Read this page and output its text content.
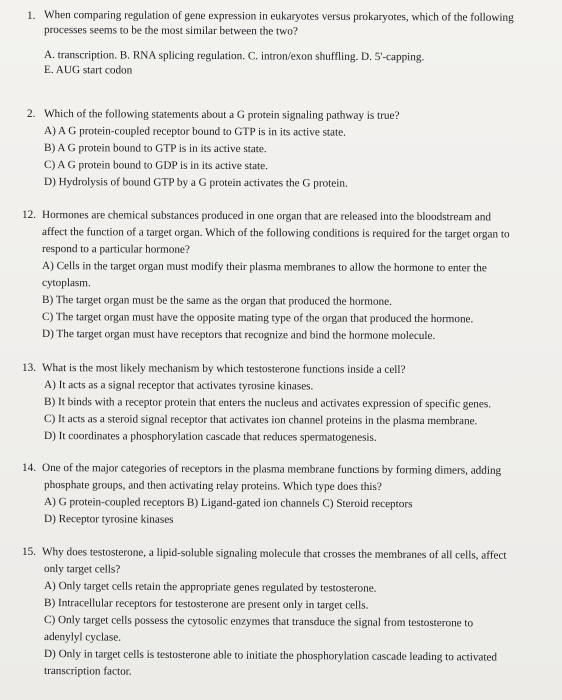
1. When comparing regulation of gene expression in eukaryotes versus prokaryotes, which of the following
processes seems to be the most similar between the two?
A. transcription. B. RNA splicing regulation. C. intron/exon shuffling. D. 5'-capping.
E. AUG start codon
2. Which of the following statements about a G protein signaling pathway is true?
A) A G protein-coupled receptor bound to GTP is in its active state.
B) A G protein bound to GTP is in its active state.
C) A G protein bound to GDP is in its active state.
D) Hydrolysis of bound GTP by a G protein activates the G protein.
12. Hormones are chemical substances produced in one organ that are released into the bloodstream and
affect the function of a target organ. Which of the following conditions is required for the target organ to
respond to a particular hormone?
A) Cells in the target organ must modify their plasma membranes to allow the hormone to enter the
cytoplasm.
B) The target organ must be the same as the organ that produced the hormone.
C) The target organ must have the opposite mating type of the organ that produced the hormone.
D) The target organ must have receptors that recognize and bind the hormone molecule.
13. What is the most likely mechanism by which testosterone functions inside a cell?
A) It acts as a signal receptor that activates tyrosine kinases.
B) It binds with a receptor protein that enters the nucleus and activates expression of specific genes.
C) It acts as a steroid signal receptor that activates ion channel proteins in the plasma membrane.
D) It coordinates a phosphorylation cascade that reduces spermatogenesis.
14. One of the major categories of receptors in the plasma membrane functions by forming dimers, adding
phosphate groups, and then activating relay proteins. Which type does this?
A) G protein-coupled receptors B) Ligand-gated ion channels C) Steroid receptors
D) Receptor tyrosine kinases
15. Why does testosterone, a lipid-soluble signaling molecule that crosses the membranes of all cells, affect
only target cells?
A) Only target cells retain the appropriate genes regulated by testosterone.
B) Intracellular receptors for testosterone are present only in target cells.
C) Only target cells possess the cytosolic enzymes that transduce the signal from testosterone to
adenylyl cyclase.
D) Only in target cells is testosterone able to initiate the phosphorylation cascade leading to activated
transcription factor.
